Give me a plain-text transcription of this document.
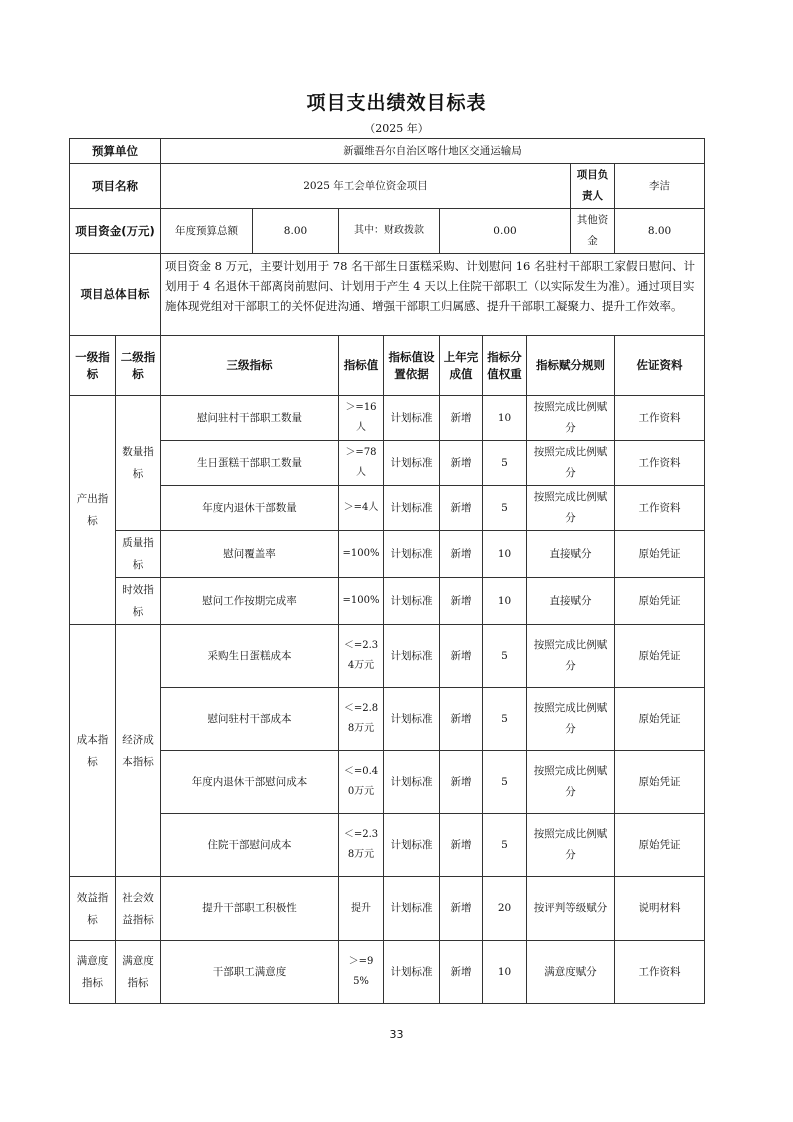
项目支出绩效目标表
（2025 年）
预算单位		新疆维吾尔自治区喀什地区交通运输局								
项目名称		2025 年工会单位资金项目							项目负责人	李洁
项目资金(万元)		年度预算总额	8.00	其中：财政拨款		0.00			其他资金	8.00
项目总体目标		项目资金 8 万元，主要计划用于 78 名干部生日蛋糕采购、计划慰问 16 名驻村干部职工家假日慰问、计划用于 4 名退休干部离岗前慰问、计划用于产生 4 天以上住院干部职工（以实际发生为准）。通过项目实施体现党组对干部职工的关怀促进沟通、增强干部职工归属感、提升干部职工凝聚力、提升工作效率。								
一级指标	二级指标	三级指标		指标值	指标值设置依据	上年完成值	指标分值权重	指标赋分规则		佐证资料
产出指标	数量指标	慰问驻村干部职工数量		＞=16人	计划标准	新增	10	按照完成比例赋分		工作资料
		生日蛋糕干部职工数量		＞=78人	计划标准	新增	5	按照完成比例赋分		工作资料
		年度内退休干部数量		＞=4人	计划标准	新增	5	按照完成比例赋分		工作资料
	质量指标	慰问覆盖率		=100%	计划标准	新增	10	直接赋分		原始凭证
	时效指标	慰问工作按期完成率		=100%	计划标准	新增	10	直接赋分		原始凭证
成本指标	经济成本指标	采购生日蛋糕成本		＜=2.34万元	计划标准	新增	5	按照完成比例赋分		原始凭证
		慰问驻村干部成本		＜=2.88万元	计划标准	新增	5	按照完成比例赋分		原始凭证
		年度内退休干部慰问成本		＜=0.40万元	计划标准	新增	5	按照完成比例赋分		原始凭证
		住院干部慰问成本		＜=2.38万元	计划标准	新增	5	按照完成比例赋分		原始凭证
效益指标	社会效益指标	提升干部职工积极性		提升	计划标准	新增	20	按评判等级赋分		说明材料
满意度指标	满意度指标	干部职工满意度		＞=95%	计划标准	新增	10	满意度赋分		工作资料
33
